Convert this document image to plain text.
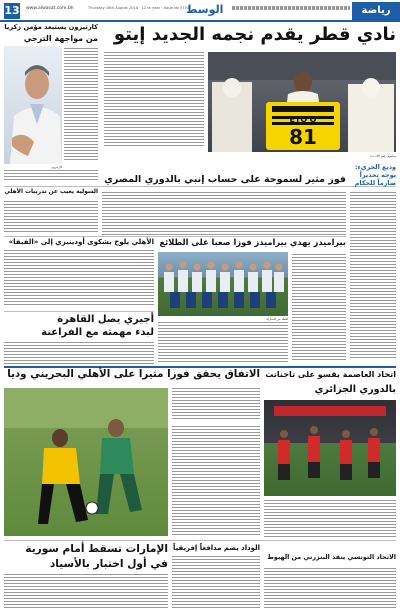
13 www.alwasat.com.bh	Thursday 16th August 2018 · 12 th year · Issue No 5753
الوسط	رياضة
كارتيرون يستبعد مؤمن زكريا
من مواجهة الترجي
كارتيرون
نادي قطر يقدم نجمه الجديد إيتو
ETO'O
81
صامويل إيتو (أف ب)
السولية يغيب عن تدريبات الأهلي
فوز مثير لسموحة على حساب إنبي بالدوري المصري
وديع الجريء:
يوجه تحذيراً
صارماً للحكام
الأهلي يلوح بشكوى أودينيزي إلى «الفيفا» بيراميدز يهدي بيراميدز فوزا صعبا على الطلائع
لقطة من المباراة
أجيري يصل القاهرة
لبدء مهمته مع الفراعنة
الاتفاق يحقق فوزا مثيرا على الأهلي البحريني وديا اتحاد العاصمة يقسو على تاجنانت
بالدوري الجزائري
الإمارات تسقط أمام سورية
في أول اختبار بالأسياد
الوداد يضم مدافعاً إفريقياً
الاتحاد التونسي ينقذ البنزرتي من الهبوط
